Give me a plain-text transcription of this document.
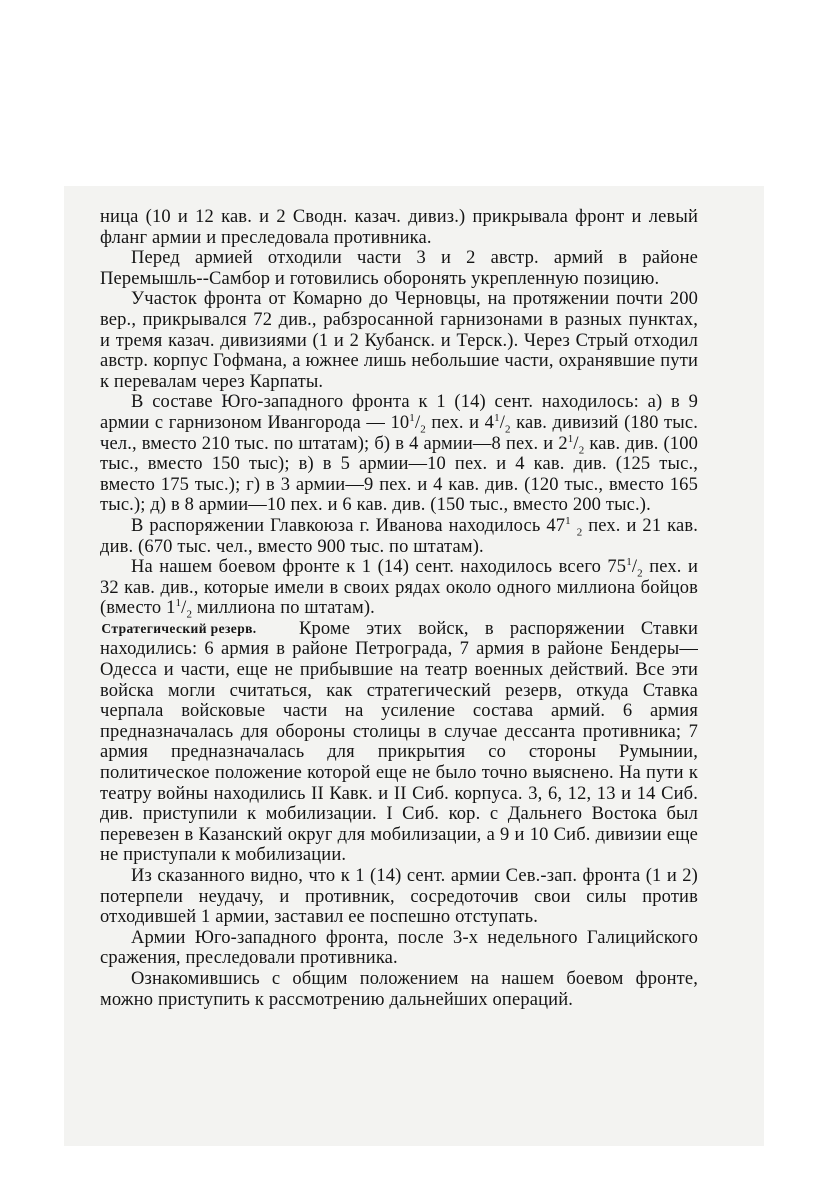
ница (10 и 12 кав. и 2 Сводн. казач. дивиз.) прикрывала фронт и левый фланг армии и преследовала противника.

Перед армией отходили части 3 и 2 австр. армий в районе Перемышль--Самбор и готовились оборонять укрепленную позицию.

Участок фронта от Комарно до Черновцы, на протяжении почти 200 вер., прикрывался 72 див., рабзросанной гарнизонами в разных пунктах, и тремя казач. дивизиями (1 и 2 Кубанск. и Терск.). Через Стрый отходил австр. корпус Гофмана, а южнее лишь небольшие части, охранявшие пути к перевалам через Карпаты.

В составе Юго-западного фронта к 1 (14) сент. находилось: а) в 9 армии с гарнизоном Ивангорода — $10^1/_2$ пех. и $4^1/_2$ кав. дивизий (180 тыс. чел., вместо 210 тыс. по штатам); б) в 4 армии—8 пех. и $2^1/_2$ кав. див. (100 тыс., вместо 150 тыс); в) в 5 армии—10 пех. и 4 кав. див. (125 тыс., вместо 175 тыс.); г) в 3 армии—9 пех. и 4 кав. див. (120 тыс., вместо 165 тыс.); д) в 8 армии—10 пех. и 6 кав. див. (150 тыс., вместо 200 тыс.).

В распоряжении Главкоюза г. Иванова находилось $47^1$ $_2$ пех. и 21 кав. див. (670 тыс. чел., вместо 900 тыс. по штатам).

На нашем боевом фронте к 1 (14) сент. находилось всего $75^1/_2$ пех. и 32 кав. див., которые имели в своих рядах около одного миллиона бойцов (вместо $1^1/_2$ миллиона по штатам).

Стратегический резерв. Кроме этих войск, в распоряжении Ставки находились: 6 армия в районе Петрограда, 7 армия в районе Бендеры—Одесса и части, еще не прибывшие на театр военных действий. Все эти войска могли считаться, как стратегический резерв, откуда Ставка черпала войсковые части на усиление состава армий. 6 армия предназначалась для обороны столицы в случае дессанта противника; 7 армия предназначалась для прикрытия со стороны Румынии, политическое положение которой еще не было точно выяснено. На пути к театру войны находились II Кавк. и II Сиб. корпуса. 3, 6, 12, 13 и 14 Сиб. див. приступили к мобилизации. I Сиб. кор. с Дальнего Востока был перевезен в Казанский округ для мобилизации, а 9 и 10 Сиб. дивизии еще не приступали к мобилизации.

Из сказанного видно, что к 1 (14) сент. армии Сев.-зап. фронта (1 и 2) потерпели неудачу, и противник, сосредоточив свои силы против отходившей 1 армии, заставил ее поспешно отступать.

Армии Юго-западного фронта, после 3-х недельного Галицийского сражения, преследовали противника.

Ознакомившись с общим положением на нашем боевом фронте, можно приступить к рассмотрению дальнейших операций.
